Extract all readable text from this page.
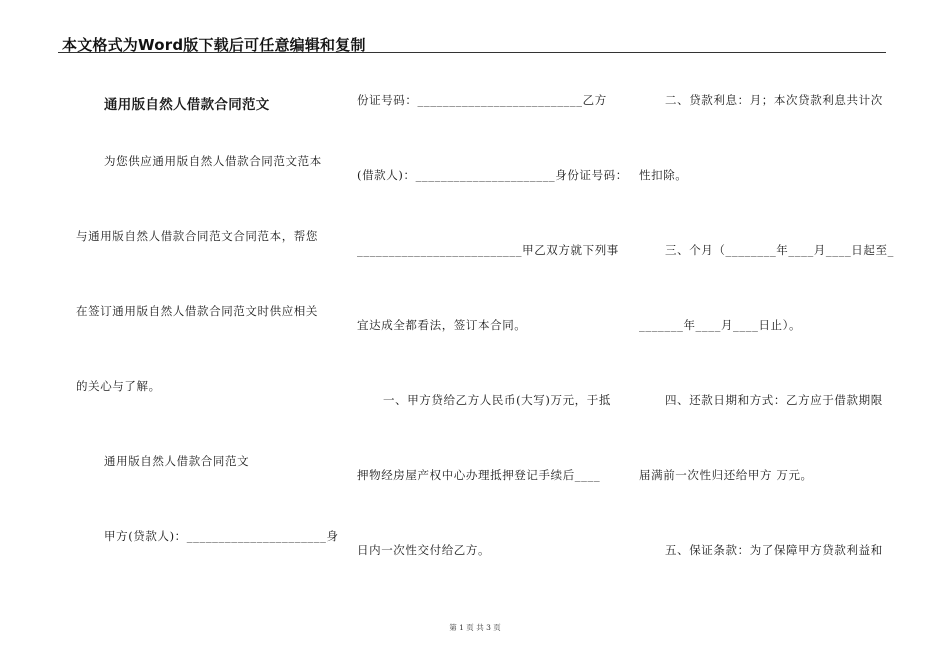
本文格式为Word版下载后可任意编辑和复制
通用版自然人借款合同范文
为您供应通用版自然人借款合同范文范本
与通用版自然人借款合同范文合同范本，帮您
在签订通用版自然人借款合同范文时供应相关
的关心与了解。
通用版自然人借款合同范文
甲方(贷款人)：______________________身
份证号码：__________________________乙方
(借款人)：______________________身份证号码：
__________________________甲乙双方就下列事
宜达成全都看法，签订本合同。
一、甲方贷给乙方人民币(大写)万元，于抵
押物经房屋产权中心办理抵押登记手续后____
日内一次性交付给乙方。
二、贷款利息：月；本次贷款利息共计次
性扣除。
三、个月（________年____月____日起至_
_______年____月____日止）。
四、还款日期和方式：乙方应于借款期限
届满前一次性归还给甲方 万元。
五、保证条款：为了保障甲方贷款利益和
第 1 页 共 3 页
